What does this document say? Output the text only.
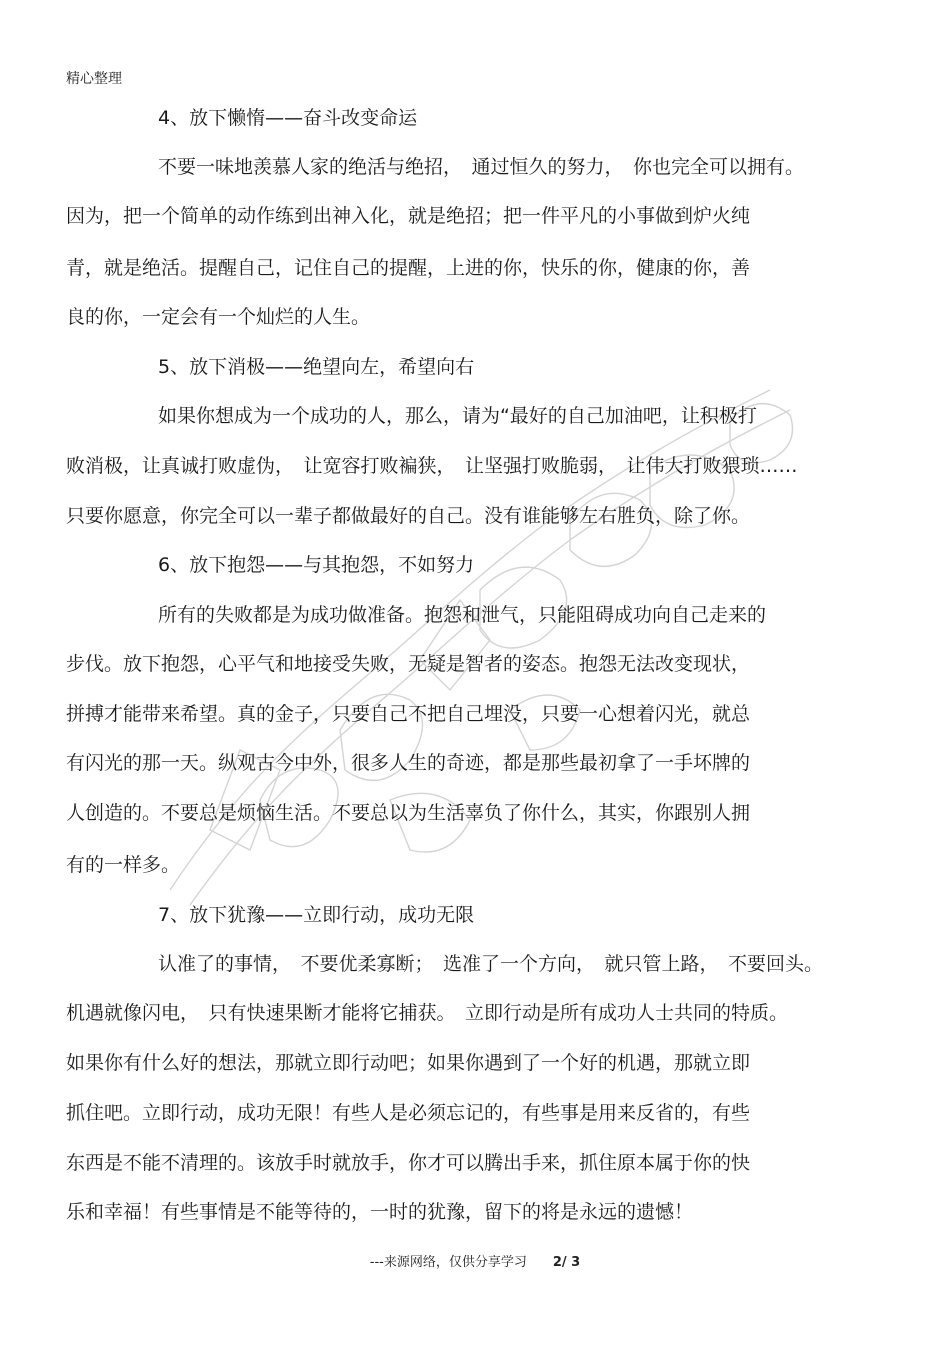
精心整理
4、放下懒惰——奋斗改变命运
不要一味地羡慕人家的绝活与绝招，　通过恒久的努力，　你也完全可以拥有。
因为，把一个简单的动作练到出神入化，就是绝招；把一件平凡的小事做到炉火纯
青，就是绝活。提醒自己，记住自己的提醒，上进的你，快乐的你，健康的你，善
良的你，一定会有一个灿烂的人生。
5、放下消极——绝望向左，希望向右
如果你想成为一个成功的人，那么，请为“最好的自己加油吧，让积极打
败消极，让真诚打败虚伪，　让宽容打败褊狭，　让坚强打败脆弱，　让伟大打败猥琐……
只要你愿意，你完全可以一辈子都做最好的自己。没有谁能够左右胜负，除了你。
6、放下抱怨——与其抱怨，不如努力
所有的失败都是为成功做准备。抱怨和泄气，只能阻碍成功向自己走来的
步伐。放下抱怨，心平气和地接受失败，无疑是智者的姿态。抱怨无法改变现状，
拼搏才能带来希望。真的金子，只要自己不把自己埋没，只要一心想着闪光，就总
有闪光的那一天。纵观古今中外，很多人生的奇迹，都是那些最初拿了一手坏牌的
人创造的。不要总是烦恼生活。不要总以为生活辜负了你什么，其实，你跟别人拥
有的一样多。
7、放下犹豫——立即行动，成功无限
认准了的事情，　不要优柔寡断；　选准了一个方向，　就只管上路，　不要回头。
机遇就像闪电，　只有快速果断才能将它捕获。　立即行动是所有成功人士共同的特质。
如果你有什么好的想法，那就立即行动吧；如果你遇到了一个好的机遇，那就立即
抓住吧。立即行动，成功无限！有些人是必须忘记的，有些事是用来反省的，有些
东西是不能不清理的。该放手时就放手，你才可以腾出手来，抓住原本属于你的快
乐和幸福！有些事情是不能等待的，一时的犹豫，留下的将是永远的遗憾！
---来源网络，仅供分享学习 2/ 3
